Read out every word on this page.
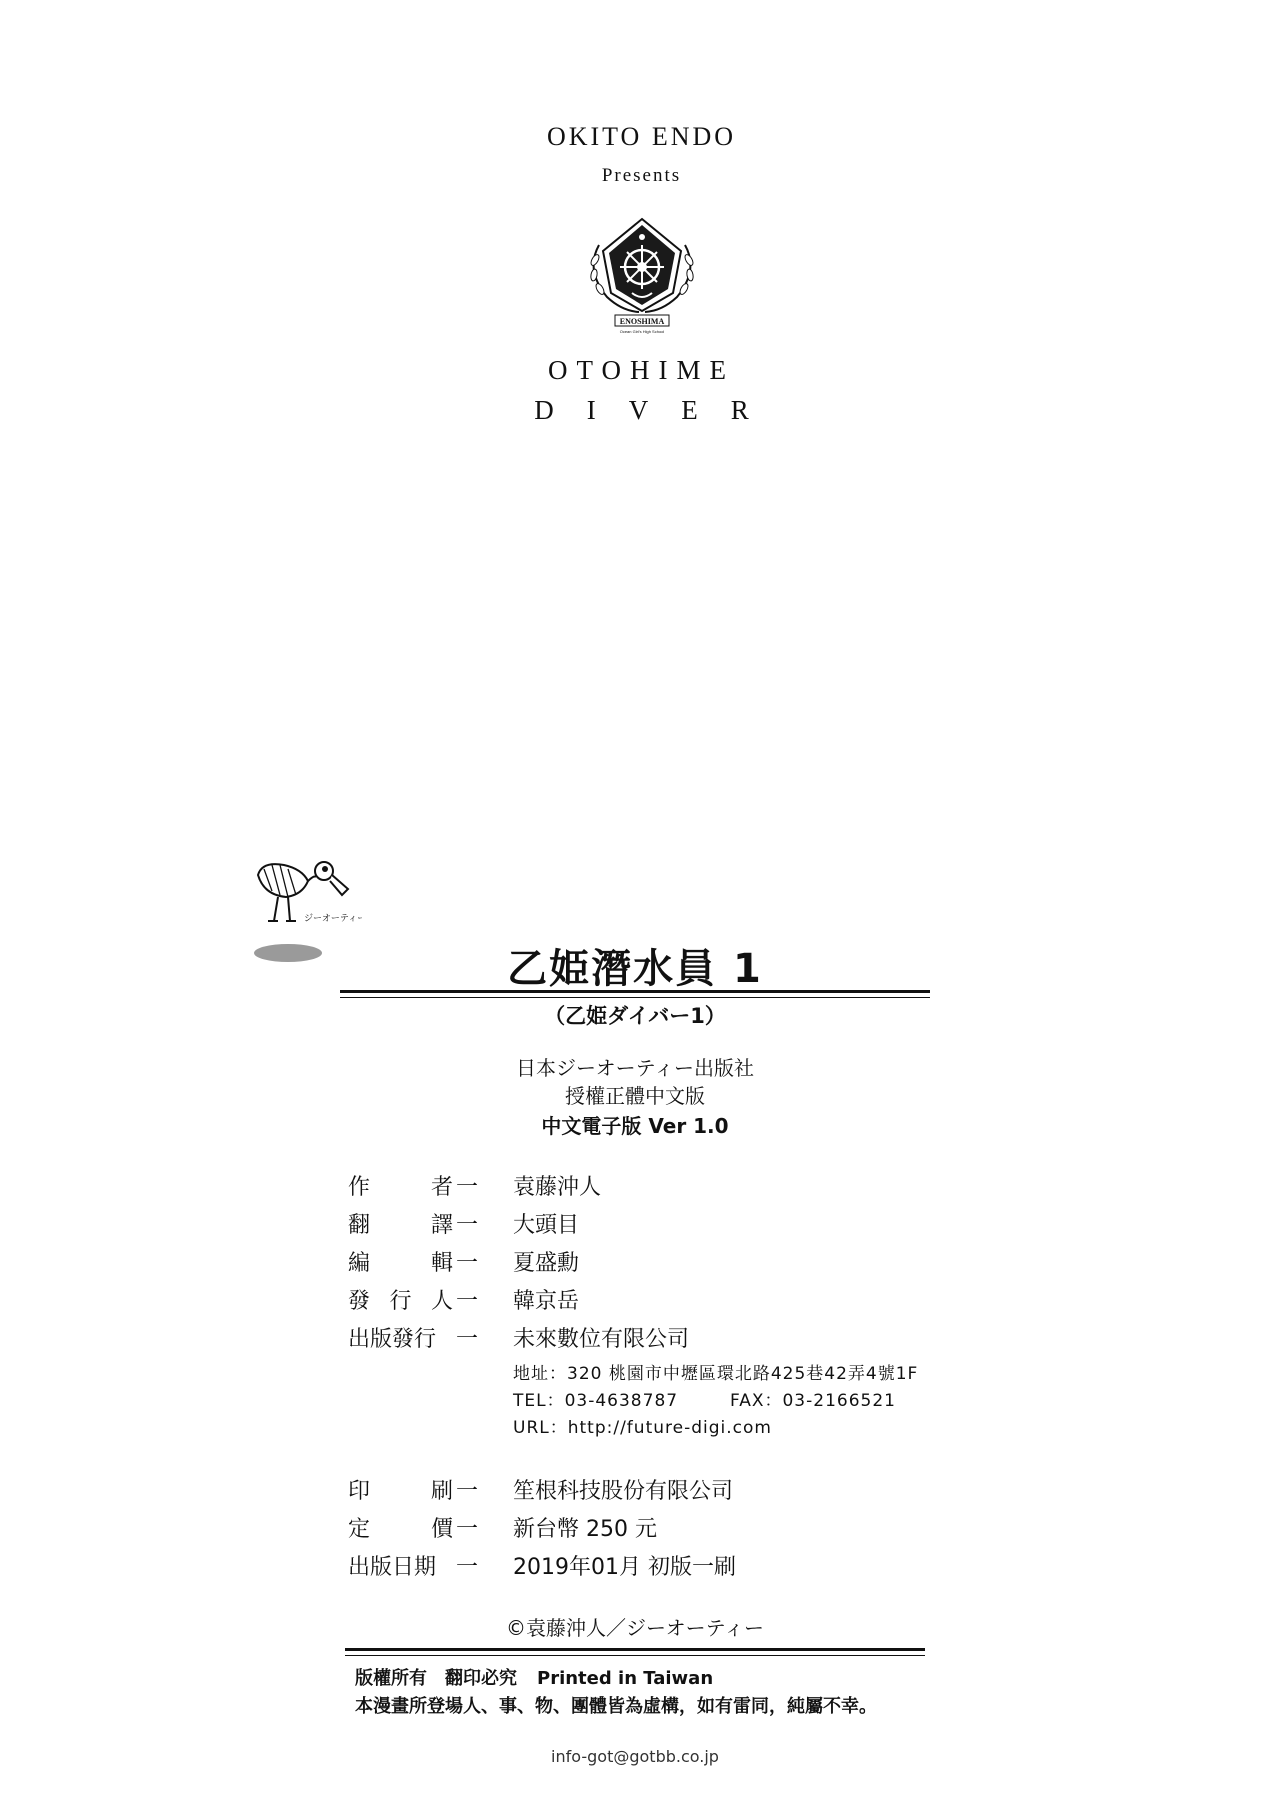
OKITO ENDO
Presents
ENOSHIMA
Ocean Girl's High School
OTOHIME
DIVER
ジーオーティー
乙姫潛水員 1
（乙姫ダイバー1）
日本ジーオーティー出版社
授權正體中文版
中文電子版 Ver 1.0
作	者 一 袁藤沖人
翻	譯 一 大頭目
編	輯 一 夏盛勳
發 行 人 一 韓京岳
出版發行 一 未來數位有限公司
地址：320 桃園市中壢區環北路425巷42弄4號1F
TEL：03-4638787	FAX：03-2166521
URL：http://future-digi.com
印	刷 一 笙根科技股份有限公司
定	價 一 新台幣 250 元
出版日期 一 2019年01月 初版一刷
©袁藤沖人／ジーオーティー
版權所有　翻印必究 Printed in Taiwan
本漫畫所登場人、事、物、團體皆為虛構，如有雷同，純屬不幸。
info-got@gotbb.co.jp
